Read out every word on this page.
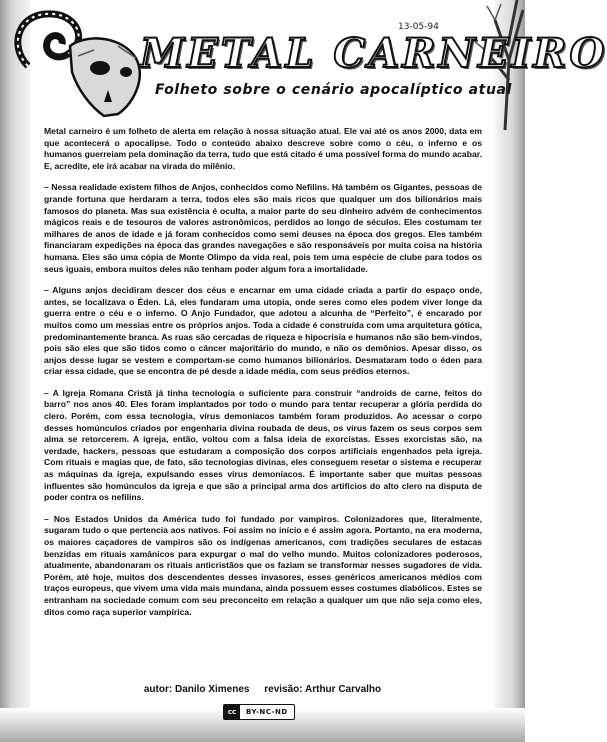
13-05-94
METAL CARNEIRO
Folheto sobre o cenário apocalíptico atual

Metal carneiro é um folheto de alerta em relação à nossa situação atual. Ele vai até os anos 2000, data em que acontecerá o apocalipse. Todo o conteúdo abaixo descreve sobre como o céu, o inferno e os humanos guerreiam pela dominação da terra, tudo que está citado é uma possível forma do mundo acabar. E, acredite, ele irá acabar na virada do milênio.

– Nessa realidade existem filhos de Anjos, conhecidos como Nefilins. Há também os Gigantes, pessoas de grande fortuna que herdaram a terra, todos eles são mais ricos que qualquer um dos bilionários mais famosos do planeta. Mas sua existência é oculta, a maior parte do seu dinheiro advém de conhecimentos mágicos reais e de tesouros de valores astronômicos, perdidos ao longo de séculos. Eles costumam ter milhares de anos de idade e já foram conhecidos como semi deuses na época dos gregos. Eles também financiaram expedições na época das grandes navegações e são responsáveis por muita coisa na história humana. Eles são uma cópia de Monte Olimpo da vida real, pois tem uma espécie de clube para todos os seus iguais, embora muitos deles não tenham poder algum fora a imortalidade.

– Alguns anjos decidiram descer dos céus e encarnar em uma cidade criada a partir do espaço onde, antes, se localizava o Éden. Lá, eles fundaram uma utopia, onde seres como eles podem viver longe da guerra entre o céu e o inferno. O Anjo Fundador, que adotou a alcunha de “Perfeito”, é encarado por muitos como um messias entre os próprios anjos. Toda a cidade é construída com uma arquitetura gótica, predominantemente branca. As ruas são cercadas de riqueza e hipocrisia e humanos não são bem-vindos, pois são eles que são tidos como o câncer majoritário do mundo, e não os demônios. Apesar disso, os anjos desse lugar se vestem e comportam-se como humanos bilionários. Desmataram todo o éden para criar essa cidade, que se encontra de pé desde a idade média, com seus prédios eternos.

– A Igreja Romana Cristã já tinha tecnologia o suficiente para construir “androids de carne, feitos do barro” nos anos 40. Eles foram implantados por todo o mundo para tentar recuperar a glória perdida do clero. Porém, com essa tecnologia, vírus demoníacos também foram produzidos. Ao acessar o corpo desses homúnculos criados por engenharia divina roubada de deus, os vírus fazem os seus corpos sem alma se retorcerem. A igreja, então, voltou com a falsa ideia de exorcistas. Esses exorcistas são, na verdade, hackers, pessoas que estudaram a composição dos corpos artificiais engenhados pela igreja. Com rituais e magias que, de fato, são tecnologias divinas, eles conseguem resetar o sistema e recuperar as máquinas da igreja, expulsando esses vírus demoníacos. É importante saber que muitas pessoas influentes são homúnculos da igreja e que são a principal arma dos artifícios do alto clero na disputa de poder contra os nefilins.

– Nos Estados Unidos da América tudo foi fundado por vampiros. Colonizadores que, literalmente, sugaram tudo o que pertencia aos nativos. Foi assim no início e é assim agora. Portanto, na era moderna, os maiores caçadores de vampiros são os indígenas americanos, com tradições seculares de estacas benzidas em rituais xamânicos para expurgar o mal do velho mundo. Muitos colonizadores poderosos, atualmente, abandonaram os rituais anticristãos que os faziam se transformar nesses sugadores de vida. Porém, até hoje, muitos dos descendentes desses invasores, esses genéricos americanos médios com traços europeus, que vivem uma vida mais mundana, ainda possuem esses costumes diabólicos. Estes se entranham na sociedade comum com seu preconceito em relação a qualquer um que não seja como eles, ditos como raça superior vampírica.

autor: Danilo Ximenes revisão: Arthur Carvalho
cc	BY-NC-ND
